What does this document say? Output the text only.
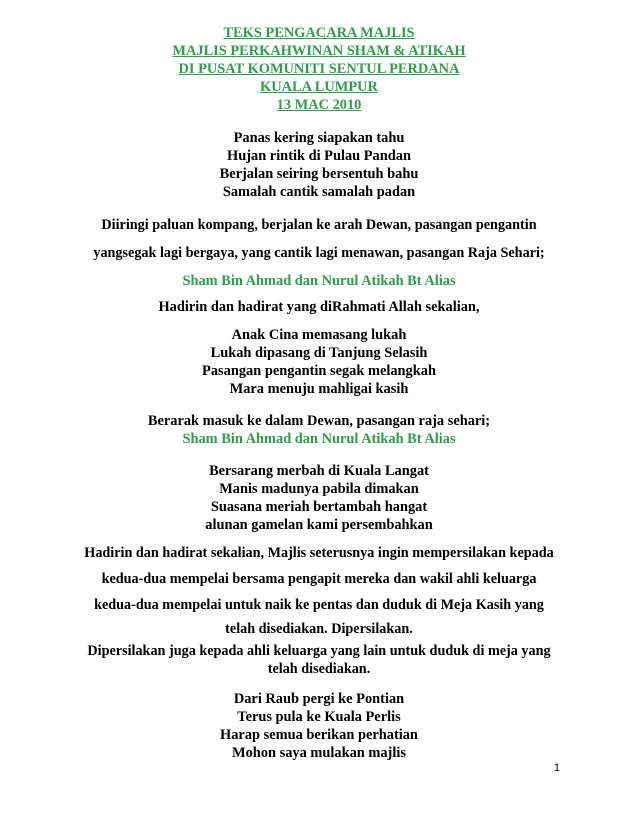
TEKS PENGACARA MAJLIS
MAJLIS PERKAHWINAN SHAM & ATIKAH
DI PUSAT KOMUNITI SENTUL PERDANA
KUALA LUMPUR
13 MAC 2010
Panas kering siapakan tahu
Hujan rintik di Pulau Pandan
Berjalan seiring bersentuh bahu
Samalah cantik samalah padan
Diiringi paluan kompang, berjalan ke arah Dewan, pasangan pengantin
yangsegak lagi bergaya, yang cantik lagi menawan, pasangan Raja Sehari;
Sham Bin Ahmad dan Nurul Atikah Bt Alias
Hadirin dan hadirat yang diRahmati Allah sekalian,
Anak Cina memasang lukah
Lukah dipasang di Tanjung Selasih
Pasangan pengantin segak melangkah
Mara menuju mahligai kasih
Berarak masuk ke dalam Dewan, pasangan raja sehari;
Sham Bin Ahmad dan Nurul Atikah Bt Alias
Bersarang merbah di Kuala Langat
Manis madunya pabila dimakan
Suasana meriah bertambah hangat
alunan gamelan kami persembahkan
Hadirin dan hadirat sekalian, Majlis seterusnya ingin mempersilakan kepada
kedua-dua mempelai bersama pengapit mereka dan wakil ahli keluarga
kedua-dua mempelai untuk naik ke pentas dan duduk di Meja Kasih yang
telah disediakan. Dipersilakan.
Dipersilakan juga kepada ahli keluarga yang lain untuk duduk di meja yang
telah disediakan.
Dari Raub pergi ke Pontian
Terus pula ke Kuala Perlis
Harap semua berikan perhatian
Mohon saya mulakan majlis
1
